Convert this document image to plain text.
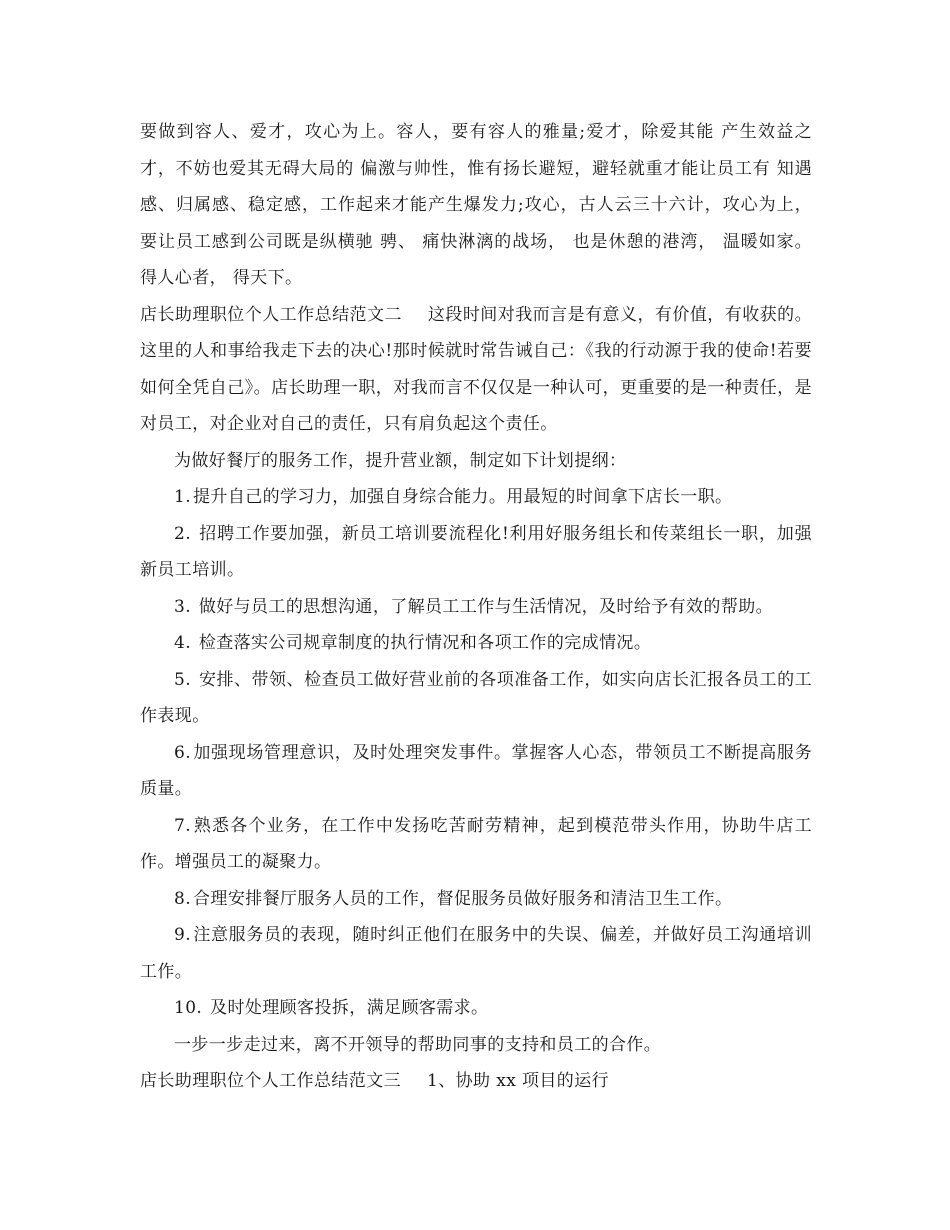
要做到容人、爱才，攻心为上。容人，要有容人的雅量;爱才，除爱其能 产生效益之才，不妨也爱其无碍大局的 偏激与帅性，惟有扬长避短，避轻就重才能让员工有 知遇感、归属感、稳定感，工作起来才能产生爆发力;攻心，古人云三十六计，攻心为上， 要让员工感到公司既是纵横驰 骋、 痛快淋漓的战场， 也是休憩的港湾， 温暖如家。 得人心者， 得天下。

店长助理职位个人工作总结范文二 这段时间对我而言是有意义，有价值，有收获的。这里的人和事给我走下去的决心!那时候就时常告诫自己：《我的行动源于我的使命!若要如何全凭自己》。店长助理一职，对我而言不仅仅是一种认可，更重要的是一种责任，是对员工，对企业对自己的责任，只有肩负起这个责任。

为做好餐厅的服务工作，提升营业额，制定如下计划提纲：

1. 提升自己的学习力，加强自身综合能力。用最短的时间拿下店长一职。

2. 招聘工作要加强，新员工培训要流程化!利用好服务组长和传菜组长一职，加强新员工培训。

3. 做好与员工的思想沟通，了解员工工作与生活情况，及时给予有效的帮助。

4. 检查落实公司规章制度的执行情况和各项工作的完成情况。

5. 安排、带领、检查员工做好营业前的各项准备工作，如实向店长汇报各员工的工作表现。

6. 加强现场管理意识，及时处理突发事件。掌握客人心态，带领员工不断提高服务质量。

7. 熟悉各个业务，在工作中发扬吃苦耐劳精神，起到模范带头作用，协助牛店工作。增强员工的凝聚力。

8. 合理安排餐厅服务人员的工作，督促服务员做好服务和清洁卫生工作。

9. 注意服务员的表现，随时纠正他们在服务中的失误、偏差，并做好员工沟通培训工作。

10. 及时处理顾客投拆，满足顾客需求。

一步一步走过来，离不开领导的帮助同事的支持和员工的合作。

店长助理职位个人工作总结范文三 1、协助 xx 项目的运行
